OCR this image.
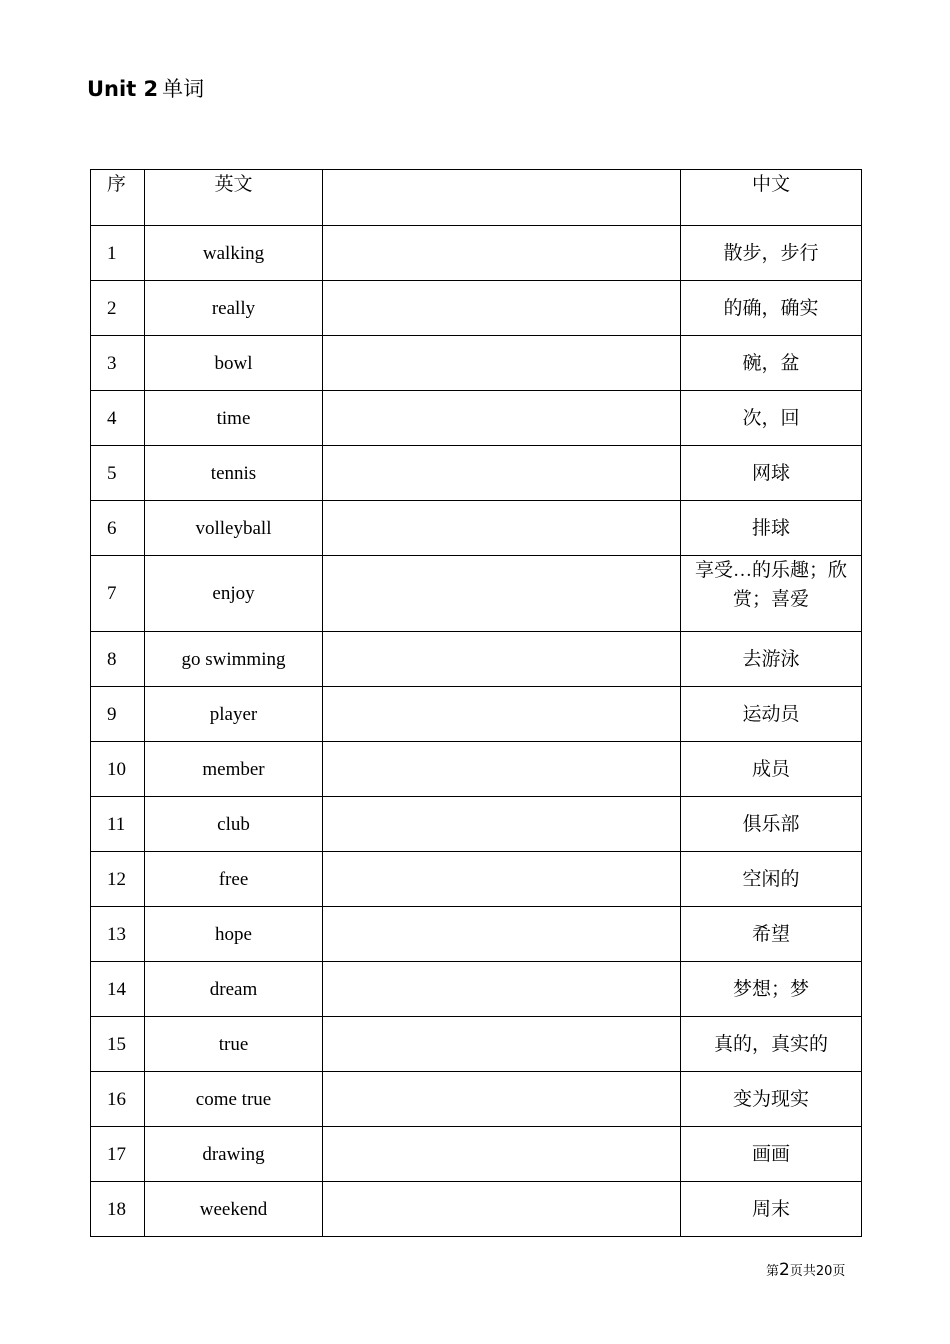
Unit 2 单词
序	英文		中文

1	walking		散步，步行

2	really		的确，确实

3	bowl		碗，盆

4	time		次，回

5	tennis		网球

6	volleyball		排球

7	enjoy		享受…的乐趣；欣赏；喜爱

8	go swimming		去游泳

9	player		运动员

10	member		成员

11	club		俱乐部

12	free		空闲的

13	hope		希望

14	dream		梦想；梦

15	true		真的，真实的

16	come true		变为现实

17	drawing		画画

18	weekend		周末
第2页共20页
